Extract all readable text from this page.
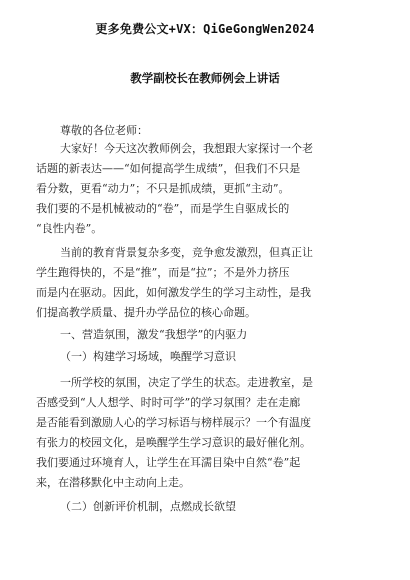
更多免费公文+VX：QiGeGongWen2024
教学副校长在教师例会上讲话
尊敬的各位老师：
大家好！今天这次教师例会，我想跟大家探讨一个老
话题的新表达——“如何提高学生成绩”，但我们不只是
看分数，更看“动力”；不只是抓成绩，更抓“主动”。
我们要的不是机械被动的“卷”，而是学生自驱成长的
“良性内卷”。
当前的教育背景复杂多变，竞争愈发激烈，但真正让
学生跑得快的，不是“推”，而是“拉”；不是外力挤压
而是内在驱动。因此，如何激发学生的学习主动性，是我
们提高教学质量、提升办学品位的核心命题。
一、营造氛围，激发“我想学”的内驱力
（一）构建学习场域，唤醒学习意识
一所学校的氛围，决定了学生的状态。走进教室，是
否感受到“人人想学、时时可学”的学习氛围？走在走廊
是否能看到激励人心的学习标语与榜样展示？一个有温度
有张力的校园文化，是唤醒学生学习意识的最好催化剂。
我们要通过环境育人，让学生在耳濡目染中自然“卷”起
来，在潜移默化中主动向上走。
（二）创新评价机制，点燃成长欲望
